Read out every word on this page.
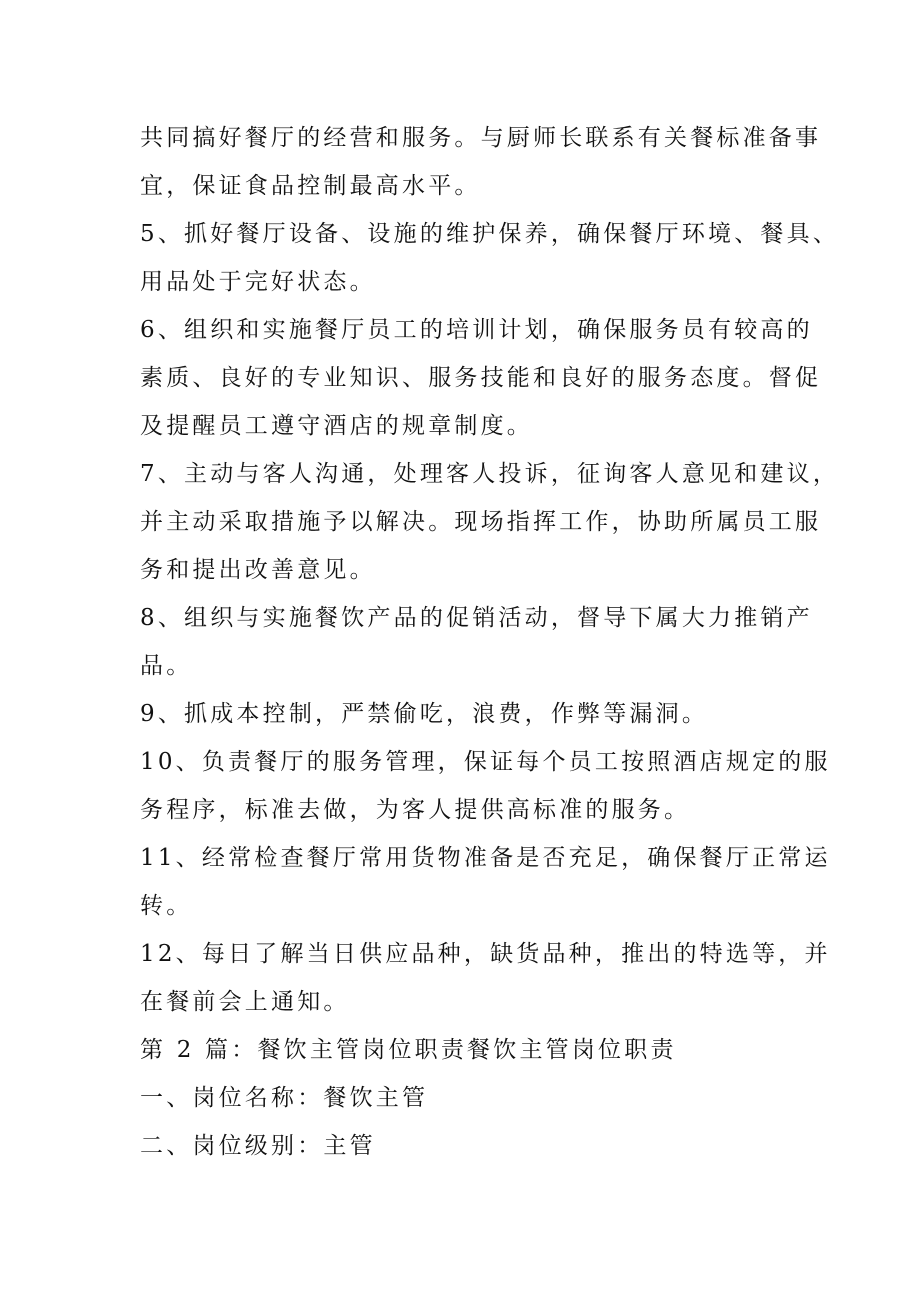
共同搞好餐厅的经营和服务。与厨师长联系有关餐标准备事
宜，保证食品控制最高水平。
5、抓好餐厅设备、设施的维护保养，确保餐厅环境、餐具、
用品处于完好状态。
6、组织和实施餐厅员工的培训计划，确保服务员有较高的
素质、良好的专业知识、服务技能和良好的服务态度。督促
及提醒员工遵守酒店的规章制度。
7、主动与客人沟通，处理客人投诉，征询客人意见和建议，
并主动采取措施予以解决。现场指挥工作，协助所属员工服
务和提出改善意见。
8、组织与实施餐饮产品的促销活动，督导下属大力推销产
品。
9、抓成本控制，严禁偷吃，浪费，作弊等漏洞。
10、负责餐厅的服务管理，保证每个员工按照酒店规定的服
务程序，标准去做，为客人提供高标准的服务。
11、经常检查餐厅常用货物准备是否充足，确保餐厅正常运
转。
12、每日了解当日供应品种，缺货品种，推出的特选等，并
在餐前会上通知。
第 2 篇：餐饮主管岗位职责餐饮主管岗位职责
一、岗位名称：餐饮主管
二、岗位级别：主管
